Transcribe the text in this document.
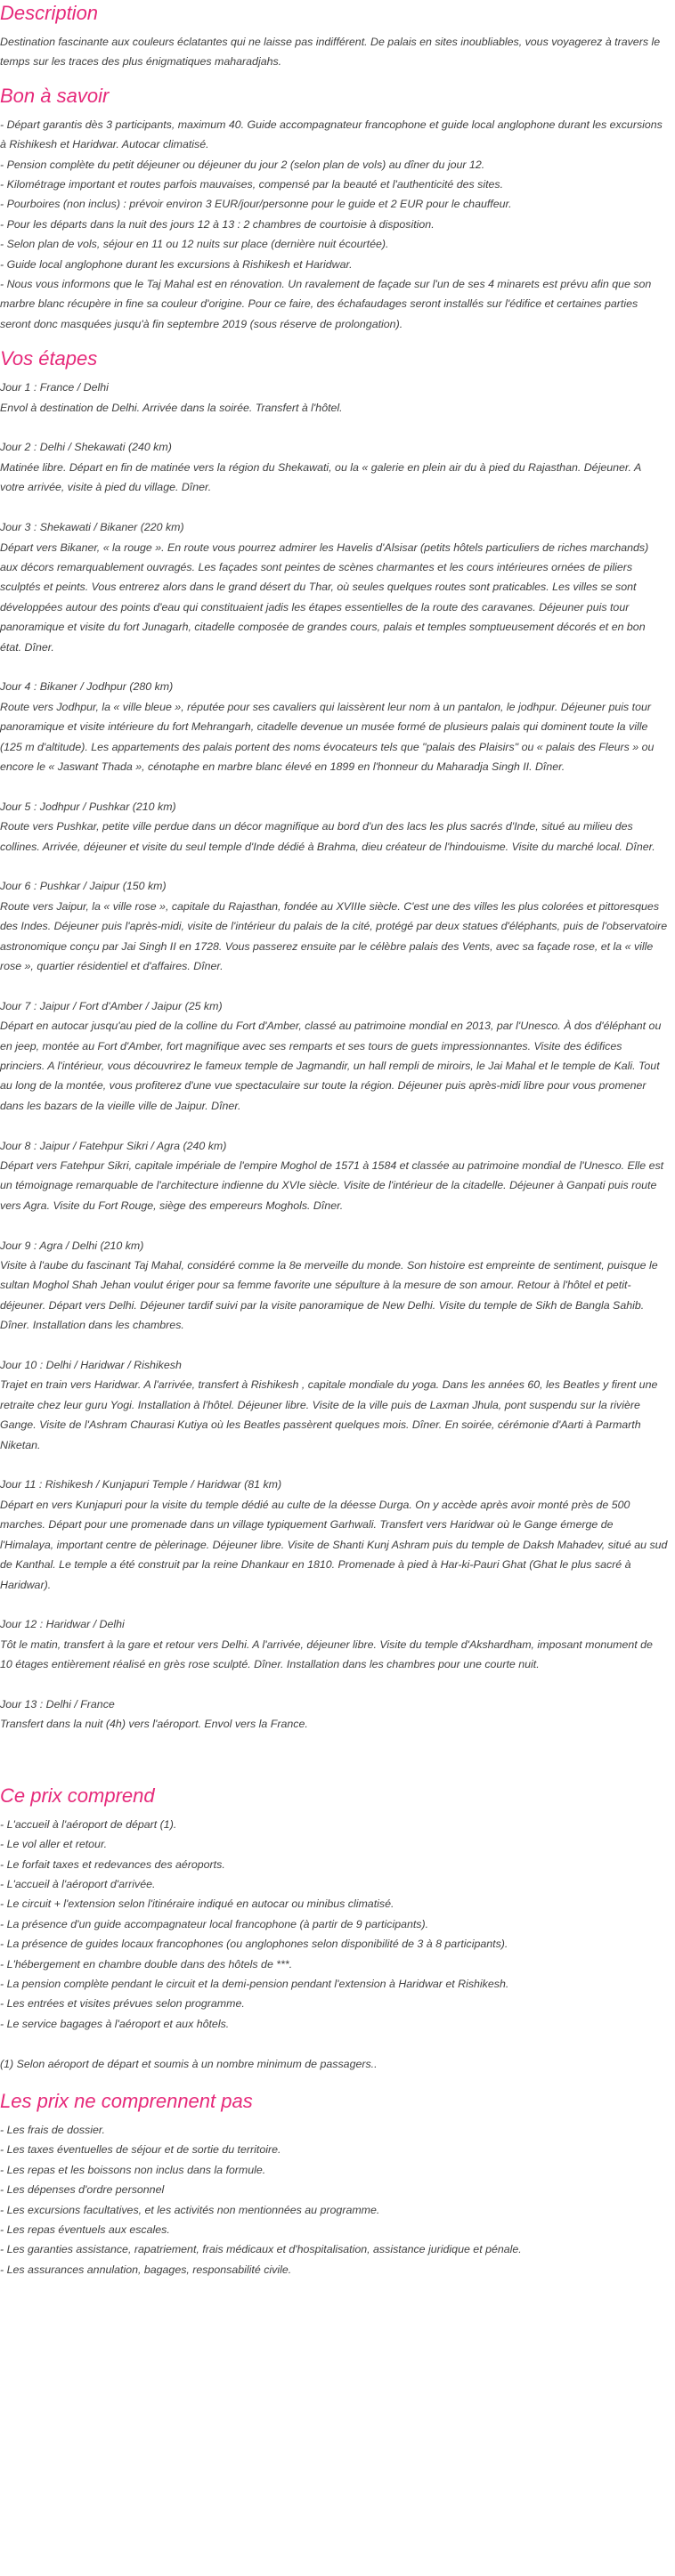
Description

Destination fascinante aux couleurs éclatantes qui ne laisse pas indifférent. De palais en sites inoubliables, vous voyagerez à travers le temps sur les traces des plus énigmatiques maharadjahs.

Bon à savoir

- Départ garantis dès 3 participants, maximum 40. Guide accompagnateur francophone et guide local anglophone durant les excursions à Rishikesh et Haridwar. Autocar climatisé.

- Pension complète du petit déjeuner ou déjeuner du jour 2 (selon plan de vols) au dîner du jour 12.

- Kilométrage important et routes parfois mauvaises, compensé par la beauté et l'authenticité des sites.

- Pourboires (non inclus) : prévoir environ 3 EUR/jour/personne pour le guide et 2 EUR pour le chauffeur.

- Pour les départs dans la nuit des jours 12 à 13 : 2 chambres de courtoisie à disposition.

- Selon plan de vols, séjour en 11 ou 12 nuits sur place (dernière nuit écourtée).

- Guide local anglophone durant les excursions à Rishikesh et Haridwar.

- Nous vous informons que le Taj Mahal est en rénovation. Un ravalement de façade sur l'un de ses 4 minarets est prévu afin que son marbre blanc récupère in fine sa couleur d'origine. Pour ce faire, des échafaudages seront installés sur l'édifice et certaines parties seront donc masquées jusqu'à fin septembre 2019 (sous réserve de prolongation).

Vos étapes

Jour 1 : France / Delhi

Envol à destination de Delhi. Arrivée dans la soirée. Transfert à l'hôtel.

Jour 2 : Delhi / Shekawati (240 km)

Matinée libre. Départ en fin de matinée vers la région du Shekawati, ou la « galerie en plein air du à pied du Rajasthan. Déjeuner. A votre arrivée, visite à pied du village. Dîner.

Jour 3 : Shekawati / Bikaner (220 km)

Départ vers Bikaner, « la rouge ». En route vous pourrez admirer les Havelis d'Alsisar (petits hôtels particuliers de riches marchands) aux décors remarquablement ouvragés. Les façades sont peintes de scènes charmantes et les cours intérieures ornées de piliers sculptés et peints. Vous entrerez alors dans le grand désert du Thar, où seules quelques routes sont praticables. Les villes se sont développées autour des points d'eau qui constituaient jadis les étapes essentielles de la route des caravanes. Déjeuner puis tour panoramique et visite du fort Junagarh, citadelle composée de grandes cours, palais et temples somptueusement décorés et en bon état. Dîner.

Jour 4 : Bikaner / Jodhpur (280 km)

Route vers Jodhpur, la « ville bleue », réputée pour ses cavaliers qui laissèrent leur nom à un pantalon, le jodhpur. Déjeuner puis tour panoramique et visite intérieure du fort Mehrangarh, citadelle devenue un musée formé de plusieurs palais qui dominent toute la ville (125 m d'altitude). Les appartements des palais portent des noms évocateurs tels que "palais des Plaisirs" ou « palais des Fleurs » ou encore le « Jaswant Thada », cénotaphe en marbre blanc élevé en 1899 en l'honneur du Maharadja Singh II. Dîner.

Jour 5 : Jodhpur / Pushkar (210 km)

Route vers Pushkar, petite ville perdue dans un décor magnifique au bord d'un des lacs les plus sacrés d'Inde, situé au milieu des collines. Arrivée, déjeuner et visite du seul temple d'Inde dédié à Brahma, dieu créateur de l'hindouisme. Visite du marché local. Dîner.

Jour 6 : Pushkar / Jaipur (150 km)

Route vers Jaipur, la « ville rose », capitale du Rajasthan, fondée au XVIIIe siècle. C'est une des villes les plus colorées et pittoresques des Indes. Déjeuner puis l'après-midi, visite de l'intérieur du palais de la cité, protégé par deux statues d'éléphants, puis de l'observatoire astronomique conçu par Jai Singh II en 1728. Vous passerez ensuite par le célèbre palais des Vents, avec sa façade rose, et la « ville rose », quartier résidentiel et d'affaires. Dîner.

Jour 7 : Jaipur / Fort d'Amber / Jaipur (25 km)

Départ en autocar jusqu'au pied de la colline du Fort d'Amber, classé au patrimoine mondial en 2013, par l'Unesco. À dos d'éléphant ou en jeep, montée au Fort d'Amber, fort magnifique avec ses remparts et ses tours de guets impressionnantes. Visite des édifices princiers. A l'intérieur, vous découvrirez le fameux temple de Jagmandir, un hall rempli de miroirs, le Jai Mahal et le temple de Kali. Tout au long de la montée, vous profiterez d'une vue spectaculaire sur toute la région. Déjeuner puis après-midi libre pour vous promener dans les bazars de la vieille ville de Jaipur. Dîner.

Jour 8 : Jaipur / Fatehpur Sikri / Agra (240 km)

Départ vers Fatehpur Sikri, capitale impériale de l'empire Moghol de 1571 à 1584 et classée au patrimoine mondial de l'Unesco. Elle est un témoignage remarquable de l'architecture indienne du XVIe siècle. Visite de l'intérieur de la citadelle. Déjeuner à Ganpati puis route vers Agra. Visite du Fort Rouge, siège des empereurs Moghols. Dîner.

Jour 9 : Agra / Delhi (210 km)

Visite à l'aube du fascinant Taj Mahal, considéré comme la 8e merveille du monde. Son histoire est empreinte de sentiment, puisque le sultan Moghol Shah Jehan voulut ériger pour sa femme favorite une sépulture à la mesure de son amour. Retour à l'hôtel et petit-déjeuner. Départ vers Delhi. Déjeuner tardif suivi par la visite panoramique de New Delhi. Visite du temple de Sikh de Bangla Sahib. Dîner. Installation dans les chambres.

Jour 10 : Delhi / Haridwar / Rishikesh

Trajet en train vers Haridwar. A l'arrivée, transfert à Rishikesh , capitale mondiale du yoga. Dans les années 60, les Beatles y firent une retraite chez leur guru Yogi. Installation à l'hôtel. Déjeuner libre. Visite de la ville puis de Laxman Jhula, pont suspendu sur la rivière Gange. Visite de l'Ashram Chaurasi Kutiya où les Beatles passèrent quelques mois. Dîner. En soirée, cérémonie d'Aarti à Parmarth Niketan.

Jour 11 : Rishikesh / Kunjapuri Temple / Haridwar (81 km)

Départ en vers Kunjapuri pour la visite du temple dédié au culte de la déesse Durga. On y accède après avoir monté près de 500 marches. Départ pour une promenade dans un village typiquement Garhwali. Transfert vers Haridwar où le Gange émerge de l'Himalaya, important centre de pèlerinage. Déjeuner libre. Visite de Shanti Kunj Ashram puis du temple de Daksh Mahadev, situé au sud de Kanthal. Le temple a été construit par la reine Dhankaur en 1810. Promenade à pied à Har-ki-Pauri Ghat (Ghat le plus sacré à Haridwar).

Jour 12 : Haridwar / Delhi

Tôt le matin, transfert à la gare et retour vers Delhi. A l'arrivée, déjeuner libre. Visite du temple d'Akshardham, imposant monument de 10 étages entièrement réalisé en grès rose sculpté. Dîner. Installation dans les chambres pour une courte nuit.

Jour 13 : Delhi / France

Transfert dans la nuit (4h) vers l'aéroport. Envol vers la France.

Ce prix comprend

- L'accueil à l'aéroport de départ (1).

- Le vol aller et retour.

- Le forfait taxes et redevances des aéroports.

- L'accueil à l'aéroport d'arrivée.

- Le circuit + l'extension selon l'itinéraire indiqué en autocar ou minibus climatisé.

- La présence d'un guide accompagnateur local francophone (à partir de 9 participants).

- La présence de guides locaux francophones (ou anglophones selon disponibilité de 3 à 8 participants).

- L'hébergement en chambre double dans des hôtels de ***.

- La pension complète pendant le circuit et la demi-pension pendant l'extension à Haridwar et Rishikesh.

- Les entrées et visites prévues selon programme.

- Le service bagages à l'aéroport et aux hôtels.

(1) Selon aéroport de départ et soumis à un nombre minimum de passagers..

Les prix ne comprennent pas

- Les frais de dossier.

- Les taxes éventuelles de séjour et de sortie du territoire.

- Les repas et les boissons non inclus dans la formule.

- Les dépenses d'ordre personnel

- Les excursions facultatives, et les activités non mentionnées au programme.

- Les repas éventuels aux escales.

- Les garanties assistance, rapatriement, frais médicaux et d'hospitalisation, assistance juridique et pénale.

- Les assurances annulation, bagages, responsabilité civile.
